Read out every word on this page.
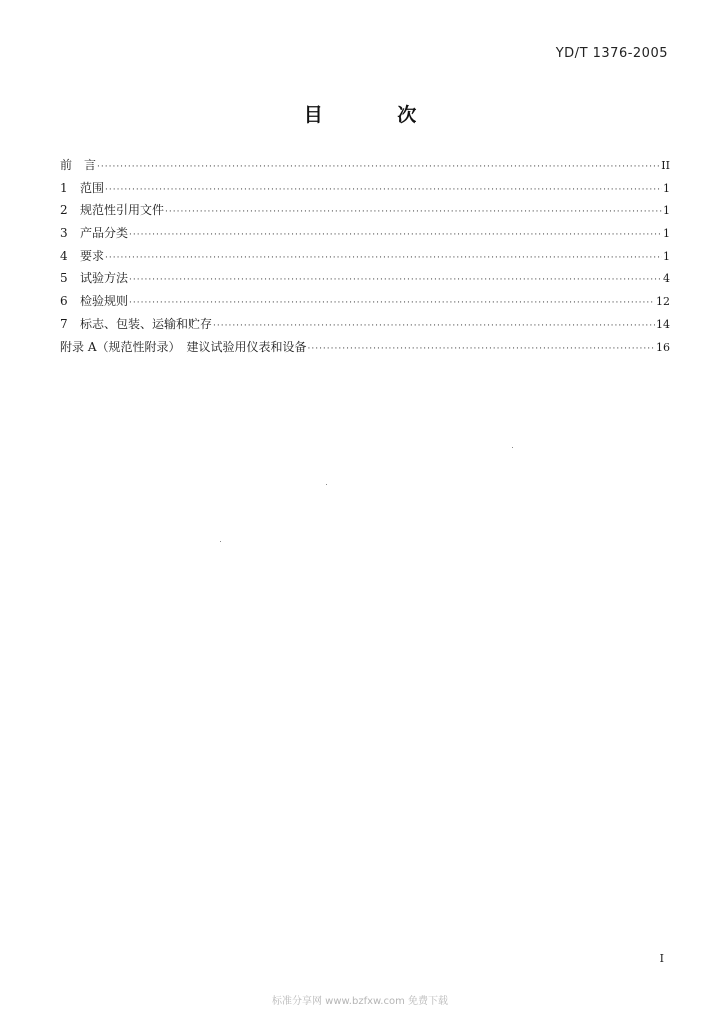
YD/T 1376-2005
目 次
前　言 ·····	II
1	范围 ·····	1
2	规范性引用文件 ·····	1
3	产品分类 ·····	1
4	要求 ·····	1
5	试验方法 ·····	4
6	检验规则 ·····	12
7	标志、包装、运输和贮存 ·····	14
附录 A（规范性附录）　建议试验用仪表和设备 ·····	16
I
标准分享网 www.bzfxw.com 免费下载
